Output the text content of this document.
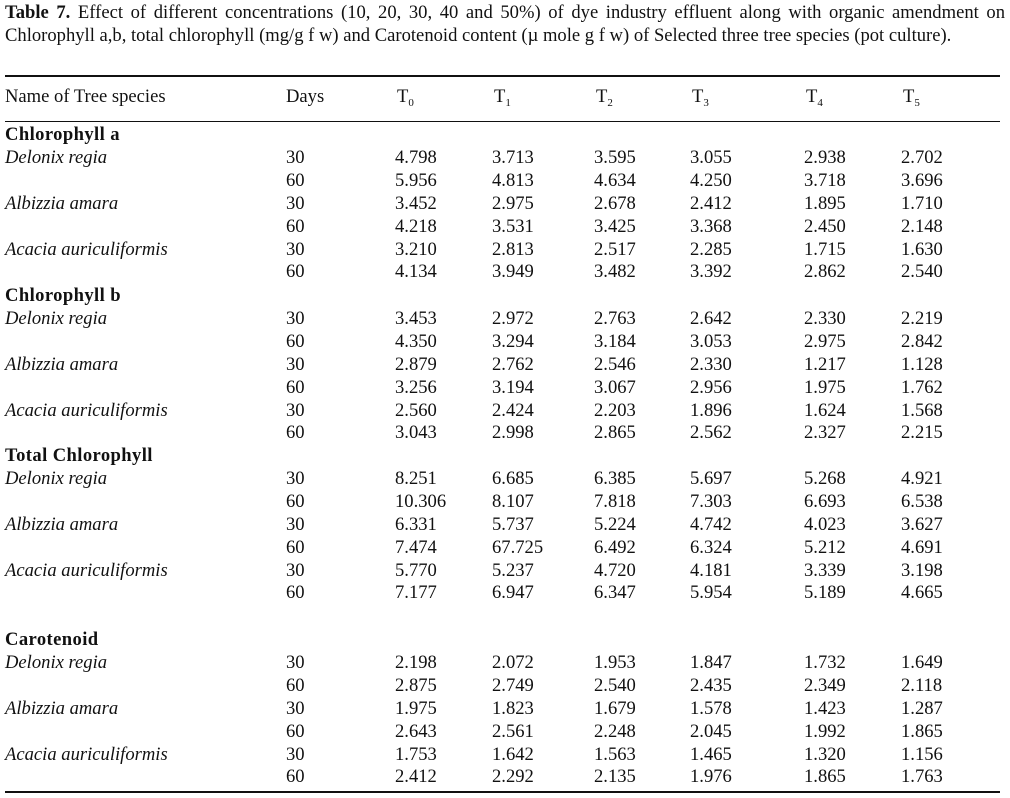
Table 7. Effect of different concentrations (10, 20, 30, 40 and 50%) of dye industry effluent along with organic amendment on Chlorophyll a,b, total chlorophyll (mg/g f w) and Carotenoid content (µ mole g f w) of Selected three tree species (pot culture).
Name of Tree species	Days	$T_0$	$T_1$	$T_2$	$T_3$	$T_4$	$T_5$
Chlorophyll a
Delonix regia	30	4.798	3.713	3.595	3.055	2.938	2.702
60	5.956	4.813	4.634	4.250	3.718	3.696
Albizzia amara	30	3.452	2.975	2.678	2.412	1.895	1.710
60	4.218	3.531	3.425	3.368	2.450	2.148
Acacia auriculiformis	30	3.210	2.813	2.517	2.285	1.715	1.630
60	4.134	3.949	3.482	3.392	2.862	2.540
Chlorophyll b
Delonix regia	30	3.453	2.972	2.763	2.642	2.330	2.219
60	4.350	3.294	3.184	3.053	2.975	2.842
Albizzia amara	30	2.879	2.762	2.546	2.330	1.217	1.128
60	3.256	3.194	3.067	2.956	1.975	1.762
Acacia auriculiformis	30	2.560	2.424	2.203	1.896	1.624	1.568
60	3.043	2.998	2.865	2.562	2.327	2.215
Total Chlorophyll
Delonix regia	30	8.251	6.685	6.385	5.697	5.268	4.921
60	10.306 8.107	7.818	7.303	6.693	6.538
Albizzia amara	30	6.331	5.737	5.224	4.742	4.023	3.627
60	7.474	67.725	6.492	6.324	5.212	4.691
Acacia auriculiformis	30	5.770	5.237	4.720	4.181	3.339	3.198
60	7.177	6.947	6.347	5.954	5.189	4.665
Carotenoid
Delonix regia	30	2.198	2.072	1.953	1.847	1.732	1.649
60	2.875	2.749	2.540	2.435	2.349	2.118
Albizzia amara	30	1.975	1.823	1.679	1.578	1.423	1.287
60	2.643	2.561	2.248	2.045	1.992	1.865
Acacia auriculiformis	30	1.753	1.642	1.563	1.465	1.320	1.156
60	2.412	2.292	2.135	1.976	1.865	1.763
